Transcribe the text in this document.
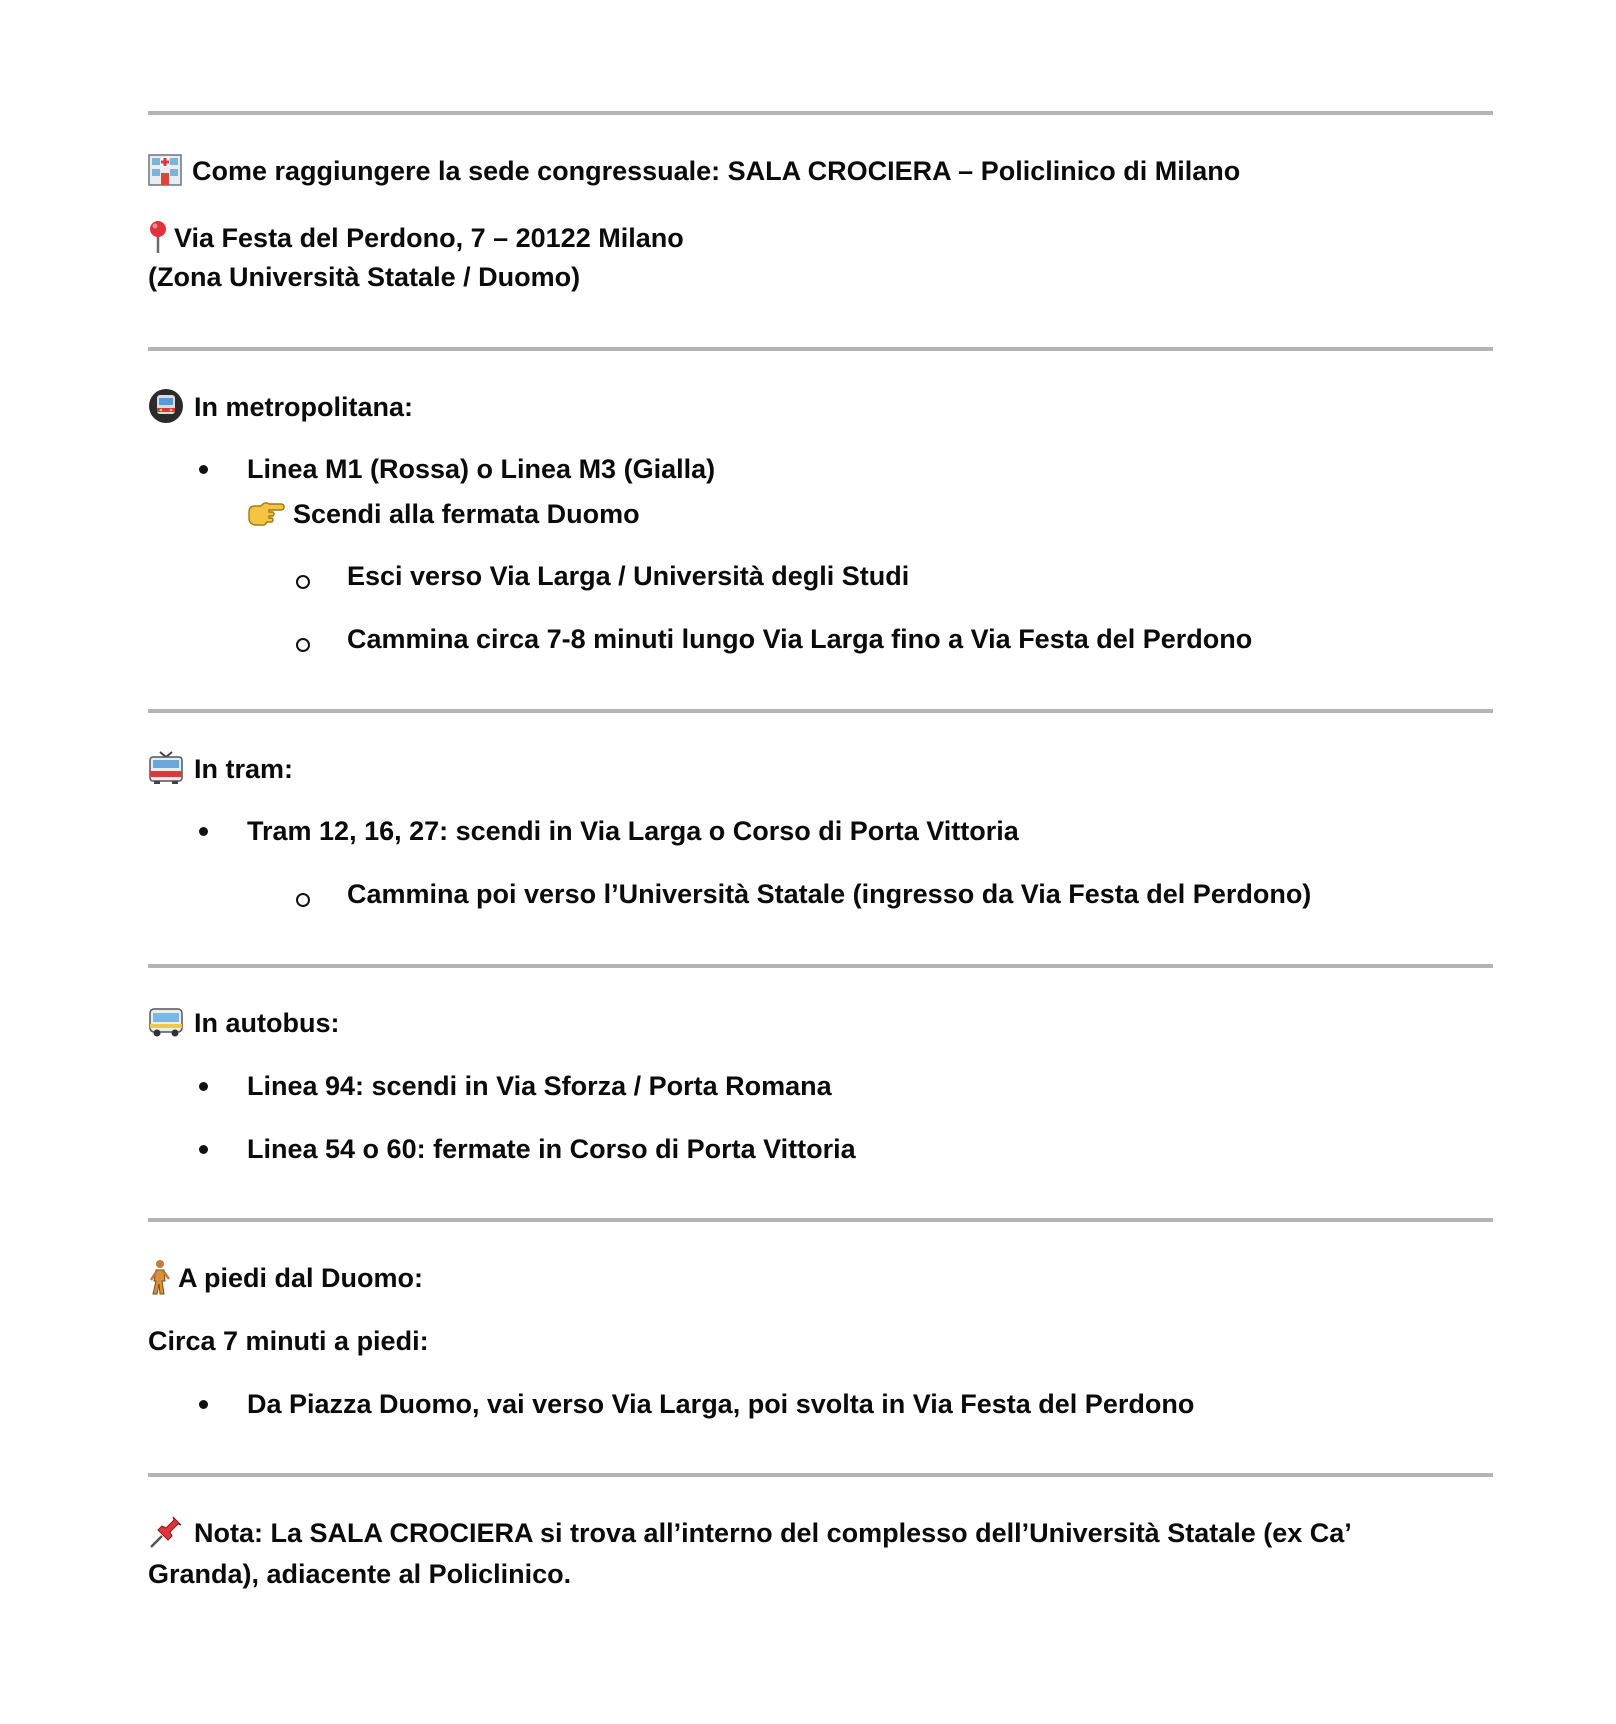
Come raggiungere la sede congressuale: SALA CROCIERA – Policlinico di Milano
Via Festa del Perdono, 7 – 20122 Milano
(Zona Università Statale / Duomo)
In metropolitana:
Linea M1 (Rossa) o Linea M3 (Gialla)
Scendi alla fermata Duomo
Esci verso Via Larga / Università degli Studi
Cammina circa 7-8 minuti lungo Via Larga fino a Via Festa del Perdono
In tram:
Tram 12, 16, 27: scendi in Via Larga o Corso di Porta Vittoria
Cammina poi verso l’Università Statale (ingresso da Via Festa del Perdono)
In autobus:
Linea 94: scendi in Via Sforza / Porta Romana
Linea 54 o 60: fermate in Corso di Porta Vittoria
A piedi dal Duomo:
Circa 7 minuti a piedi:
Da Piazza Duomo, vai verso Via Larga, poi svolta in Via Festa del Perdono
Nota: La SALA CROCIERA si trova all’interno del complesso dell’Università Statale (ex Ca’
Granda), adiacente al Policlinico.
